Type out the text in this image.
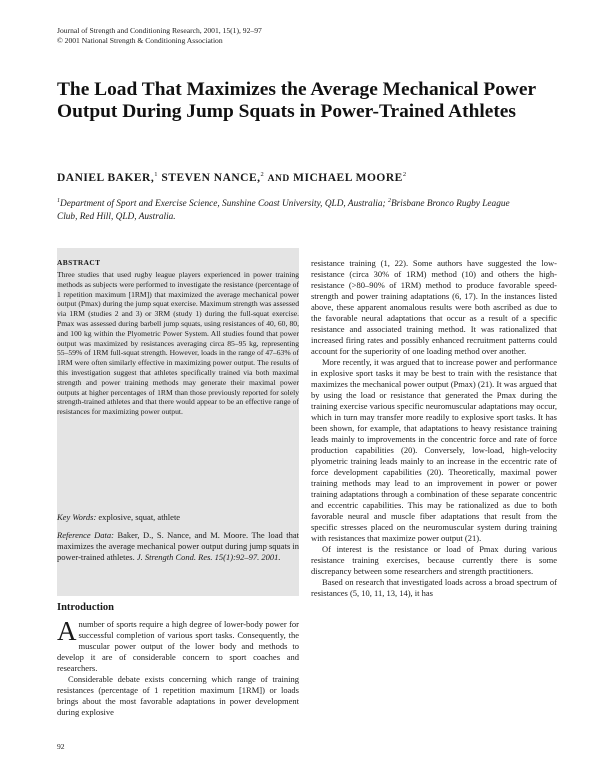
Journal of Strength and Conditioning Research, 2001, 15(1), 92–97
© 2001 National Strength & Conditioning Association
The Load That Maximizes the Average Mechanical Power Output During Jump Squats in Power-Trained Athletes
DANIEL BAKER,$^1$ STEVEN NANCE,$^2$ AND MICHAEL MOORE$^2$
$^1$Department of Sport and Exercise Science, Sunshine Coast University, QLD, Australia; $^2$Brisbane Bronco Rugby League Club, Red Hill, QLD, Australia.
ABSTRACT
Three studies that used rugby league players experienced in power training methods as subjects were performed to investigate the resistance (percentage of 1 repetition maximum [1RM]) that maximized the average mechanical power output (Pmax) during the jump squat exercise. Maximum strength was assessed via 1RM (studies 2 and 3) or 3RM (study 1) during the full-squat exercise. Pmax was assessed during barbell jump squats, using resistances of 40, 60, 80, and 100 kg within the Plyometric Power System. All studies found that power output was maximized by resistances averaging circa 85–95 kg, representing 55–59% of 1RM full-squat strength. However, loads in the range of 47–63% of 1RM were often similarly effective in maximizing power output. The results of this investigation suggest that athletes specifically trained via both maximal strength and power training methods may generate their maximal power outputs at higher percentages of 1RM than those previously reported for solely strength-trained athletes and that there would appear to be an effective range of resistances for maximizing power output.
Key Words: explosive, squat, athlete
Reference Data: Baker, D., S. Nance, and M. Moore. The load that maximizes the average mechanical power output during jump squats in power-trained athletes. J. Strength Cond. Res. 15(1):92–97. 2001.
Introduction

Anumber of sports require a high degree of lower-body power for successful completion of various sport tasks. Consequently, the muscular power output of the lower body and methods to develop it are of considerable concern to sport coaches and researchers.

Considerable debate exists concerning which range of training resistances (percentage of 1 repetition maximum [1RM]) or loads brings about the most favorable adaptations in power development during explosive

resistance training (1, 22). Some authors have suggested the low-resistance (circa 30% of 1RM) method (10) and others the high-resistance (>80–90% of 1RM) method to produce favorable speed-strength and power training adaptations (6, 17). In the instances listed above, these apparent anomalous results were both ascribed as due to the favorable neural adaptations that occur as a result of a specific resistance and associated training method. It was rationalized that increased firing rates and possibly enhanced recruitment patterns could account for the superiority of one loading method over another.

More recently, it was argued that to increase power and performance in explosive sport tasks it may be best to train with the resistance that maximizes the mechanical power output (Pmax) (21). It was argued that by using the load or resistance that generated the Pmax during the training exercise various specific neuromuscular adaptations may occur, which in turn may transfer more readily to explosive sport tasks. It has been shown, for example, that adaptations to heavy resistance training leads mainly to improvements in the concentric force and rate of force production capabilities (20). Conversely, low-load, high-velocity plyometric training leads mainly to an increase in the eccentric rate of force development capabilities (20). Theoretically, maximal power training methods may lead to an improvement in power or power training adaptations through a combination of these separate concentric and eccentric capabilities. This may be rationalized as due to both favorable neural and muscle fiber adaptations that result from the specific stresses placed on the neuromuscular system during training with resistances that maximize power output (21).

Of interest is the resistance or load of Pmax during various resistance training exercises, because currently there is some discrepancy between some researchers and strength practitioners.

Based on research that investigated loads across a broad spectrum of resistances (5, 10, 11, 13, 14), it has

92
